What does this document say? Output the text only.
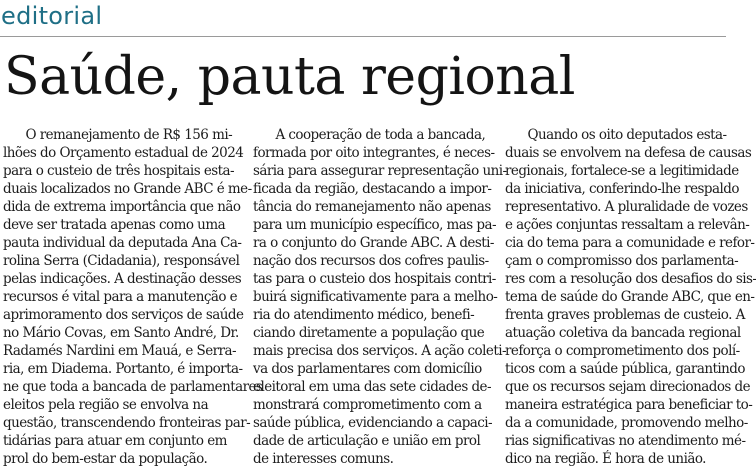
editorial
Saúde, pauta regional
O remanejamento de R$ 156 mi-
lhões do Orçamento estadual de 2024
para o custeio de três hospitais esta-
duais localizados no Grande ABC é me-
dida de extrema importância que não
deve ser tratada apenas como uma
pauta individual da deputada Ana Ca-
rolina Serra (Cidadania), responsável
pelas indicações. A destinação desses
recursos é vital para a manutenção e
aprimoramento dos serviços de saúde
no Mário Covas, em Santo André, Dr.
Radamés Nardini em Mauá, e Serra-
ria, em Diadema. Portanto, é importa-
ne que toda a bancada de parlamentares
eleitos pela região se envolva na
questão, transcendendo fronteiras par-
tidárias para atuar em conjunto em
prol do bem-estar da população.
A cooperação de toda a bancada,
formada por oito integrantes, é neces-
sária para assegurar representação uni-
ficada da região, destacando a impor-
tância do remanejamento não apenas
para um município específico, mas pa-
ra o conjunto do Grande ABC. A desti-
nação dos recursos dos cofres paulis-
tas para o custeio dos hospitais contri-
buirá significativamente para a melho-
ria do atendimento médico, benefi-
ciando diretamente a população que
mais precisa dos serviços. A ação coleti-
va dos parlamentares com domicílio
eleitoral em uma das sete cidades de-
monstrará comprometimento com a
saúde pública, evidenciando a capaci-
dade de articulação e união em prol
de interesses comuns.
Quando os oito deputados esta-
duais se envolvem na defesa de causas
regionais, fortalece-se a legitimidade
da iniciativa, conferindo-lhe respaldo
representativo. A pluralidade de vozes
e ações conjuntas ressaltam a relevân-
cia do tema para a comunidade e refor-
çam o compromisso dos parlamenta-
res com a resolução dos desafios do sis-
tema de saúde do Grande ABC, que en-
frenta graves problemas de custeio. A
atuação coletiva da bancada regional
reforça o comprometimento dos polí-
ticos com a saúde pública, garantindo
que os recursos sejam direcionados de
maneira estratégica para beneficiar to-
da a comunidade, promovendo melho-
rias significativas no atendimento mé-
dico na região. É hora de união.
